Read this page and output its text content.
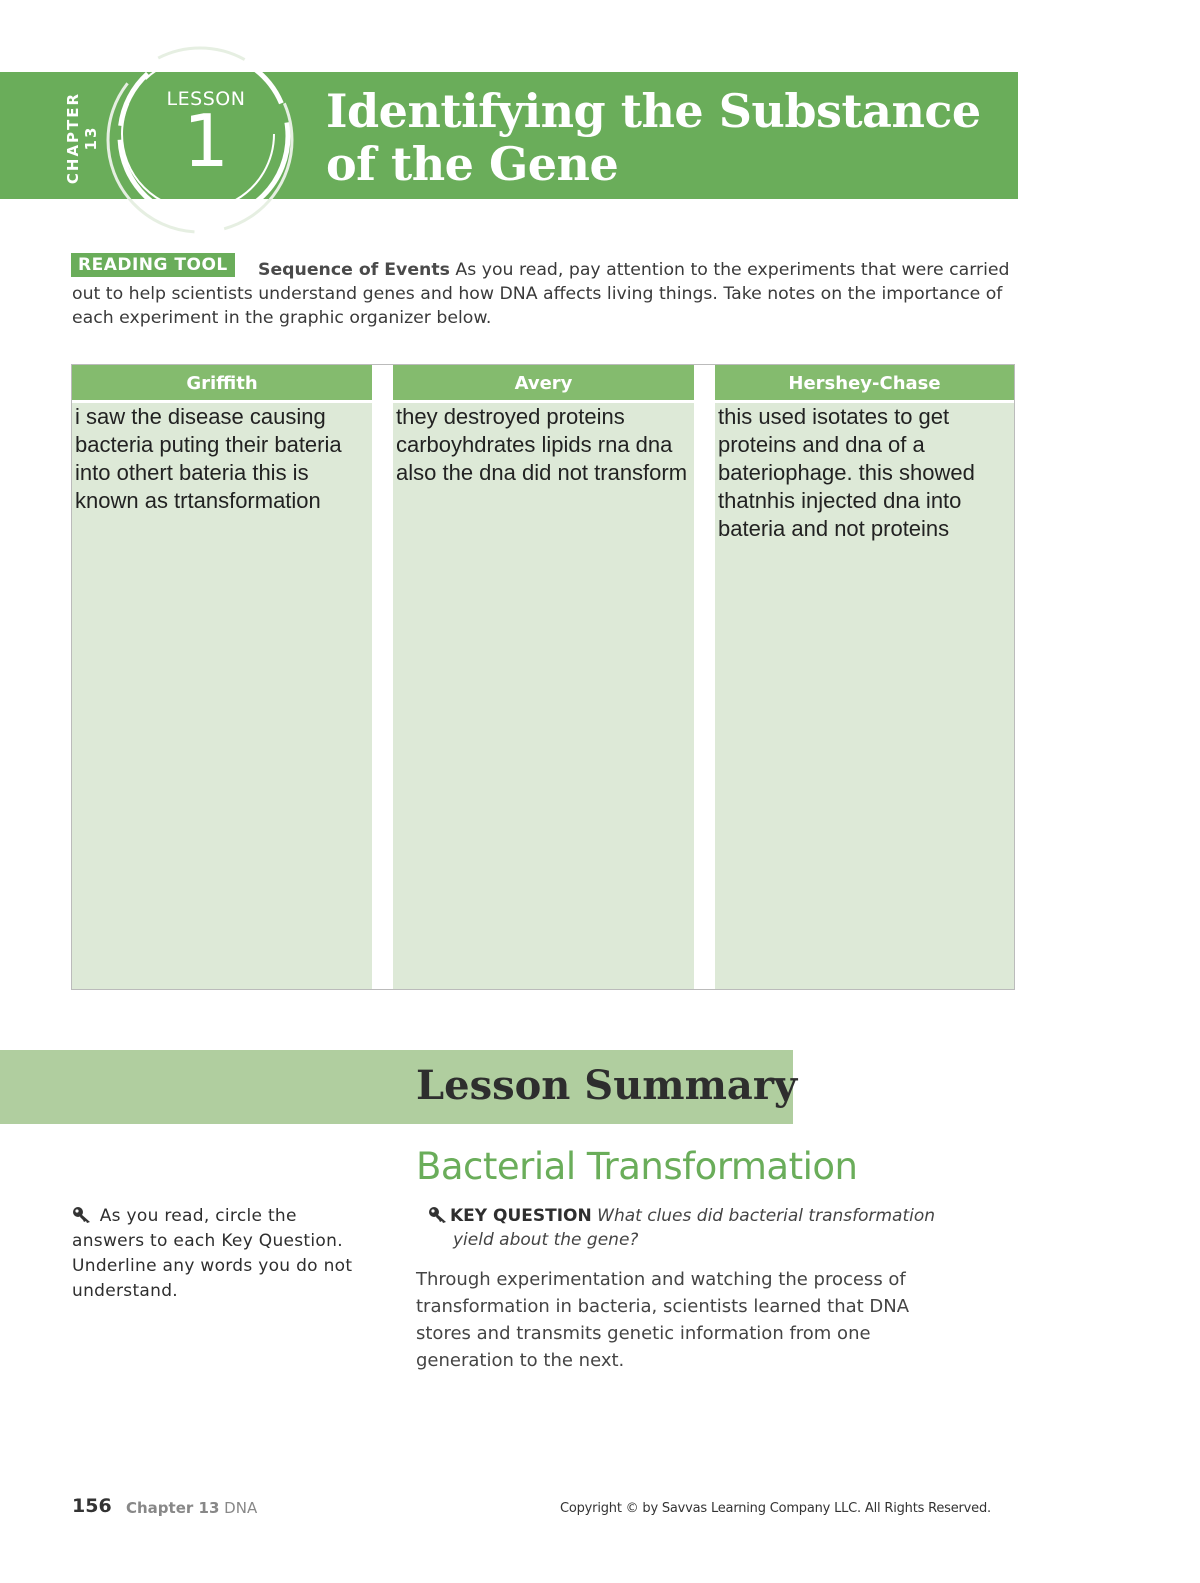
CHAPTER 13
LESSON
1	Identifying the Substance
of the Gene
READING TOOL	Sequence of Events As you read, pay attention to the experiments that were carried out to help scientists understand genes and how DNA affects living things. Take notes on the importance of each experiment in the graphic organizer below.
Griffith
i saw the disease causing bacteria puting their bateria into othert bateria this is known as trtansformation
Avery
they destroyed proteins carboyhdrates lipids rna dna also the dna did not transform
Hershey-Chase
this used isotates to get proteins and dna of a bateriophage. this showed thatnhis injected dna into bateria and not proteins
Lesson Summary
Bacterial Transformation
As you read, circle the answers to each Key Question. Underline any words you do not understand.
KEY QUESTION What clues did bacterial transformation
yield about the gene?
Through experimentation and watching the process of transformation in bacteria, scientists learned that DNA stores and transmits genetic information from one generation to the next.
156 Chapter 13 DNA	Copyright © by Savvas Learning Company LLC. All Rights Reserved.
